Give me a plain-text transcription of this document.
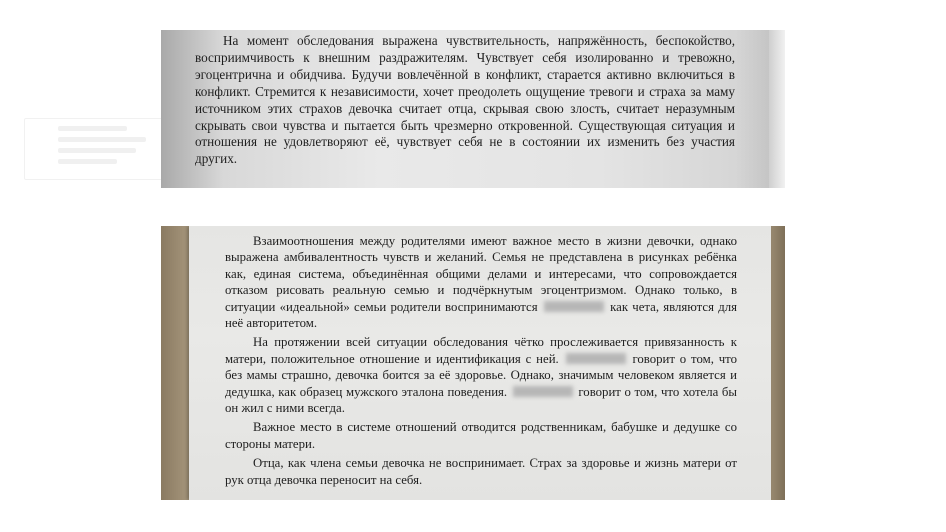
На момент обследования выражена чувствительность, напряжённость, беспокойство, восприимчивость к внешним раздражителям. Чувствует себя изолированно и тревожно, эгоцентрична и обидчива. Будучи вовлечённой в конфликт, старается активно включиться в конфликт. Стремится к независимости, хочет преодолеть ощущение тревоги и страха за маму источником этих страхов девочка считает отца, скрывая свою злость, считает неразумным скрывать свои чувства и пытается быть чрезмерно откровенной. Существующая ситуация и отношения не удовлетворяют её, чувствует себя не в состоянии их изменить без участия других.

Взаимоотношения между родителями имеют важное место в жизни девочки, однако выражена амбивалентность чувств и желаний. Семья не представлена в рисунках ребёнка как, единая система, объединённая общими делами и интересами, что сопровождается отказом рисовать реальную семью и подчёркнутым эгоцентризмом. Однако только, в ситуации «идеальной» семьи родители воспринимаются	как чета, являются для неё авторитетом.

На протяжении всей ситуации обследования чётко прослеживается привязанность к матери, положительное отношение и идентификация с ней.	говорит о том, что без мамы страшно, девочка боится за её здоровье. Однако, значимым человеком является и дедушка, как образец мужского эталона поведения.	говорит о том, что хотела бы он жил с ними всегда.

Важное место в системе отношений отводится родственникам, бабушке и дедушке со стороны матери.

Отца, как члена семьи девочка не воспринимает. Страх за здоровье и жизнь матери от рук отца девочка переносит на себя.
